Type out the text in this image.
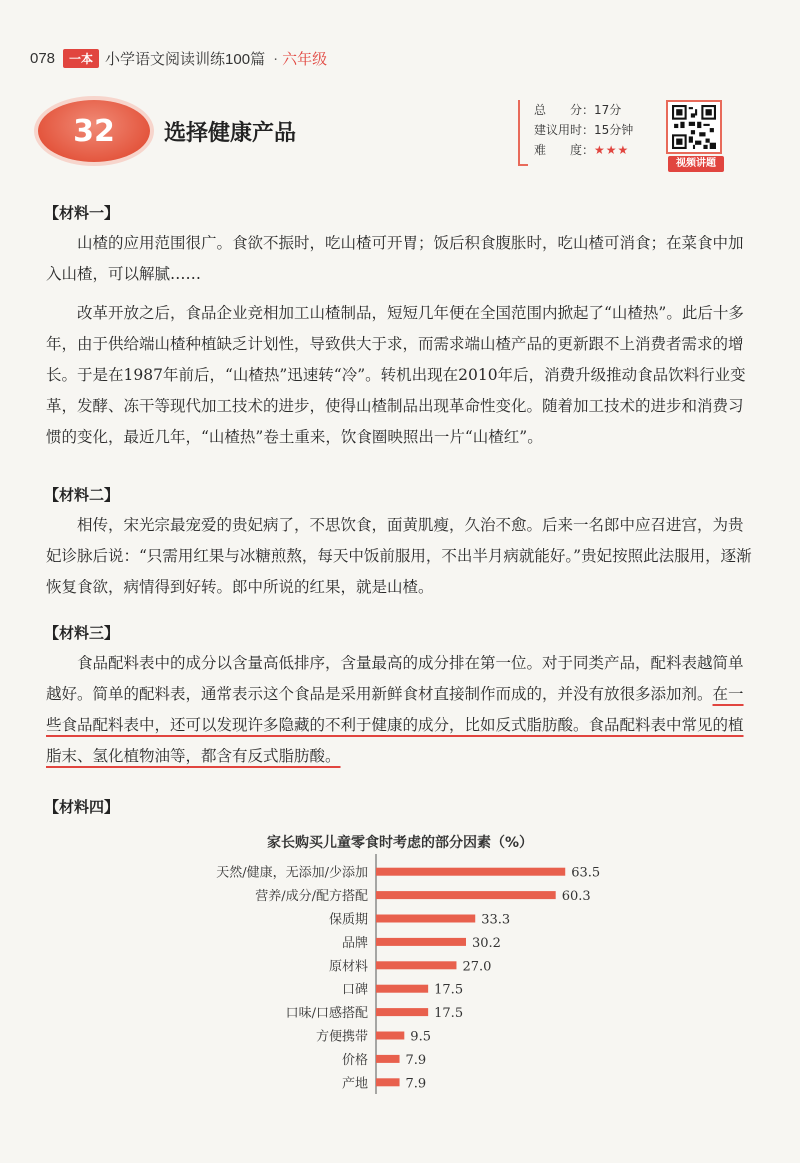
078	一本 小学语文阅读训练100篇 · 六年级
32 选择健康产品
总　　分：17分
建议用时：15分钟
难　　度：★★★
视频讲题
【材料一】

山楂的应用范围很广。食欲不振时，吃山楂可开胃；饭后积食腹胀时，吃山楂可消食；在菜食中加入山楂，可以解腻……

改革开放之后，食品企业竞相加工山楂制品，短短几年便在全国范围内掀起了“山楂热”。此后十多年，由于供给端山楂种植缺乏计划性，导致供大于求，而需求端山楂产品的更新跟不上消费者需求的增长。于是在1987年前后，“山楂热”迅速转“冷”。转机出现在2010年后，消费升级推动食品饮料行业变革，发酵、冻干等现代加工技术的进步，使得山楂制品出现革命性变化。随着加工技术的进步和消费习惯的变化，最近几年，“山楂热”卷土重来，饮食圈映照出一片“山楂红”。

【材料二】

相传，宋光宗最宠爱的贵妃病了，不思饮食，面黄肌瘦，久治不愈。后来一名郎中应召进宫，为贵妃诊脉后说：“只需用红果与冰糖煎熬，每天中饭前服用，不出半月病就能好。”贵妃按照此法服用，逐渐恢复食欲，病情得到好转。郎中所说的红果，就是山楂。

【材料三】

食品配料表中的成分以含量高低排序，含量最高的成分排在第一位。对于同类产品，配料表越简单越好。简单的配料表，通常表示这个食品是采用新鲜食材直接制作而成的，并没有放很多添加剂。在一些食品配料表中，还可以发现许多隐藏的不利于健康的成分，比如反式脂肪酸。食品配料表中常见的植脂末、氢化植物油等，都含有反式脂肪酸。

【材料四】
家长购买儿童零食时考虑的部分因素（%）
天然/健康，无添加/少添加	63.5
营养/成分/配方搭配	60.3
保质期	33.3
品牌	30.2
原材料	27.0
口碑	17.5
口味/口感搭配	17.5
方便携带	9.5
价格	7.9
产地	7.9
